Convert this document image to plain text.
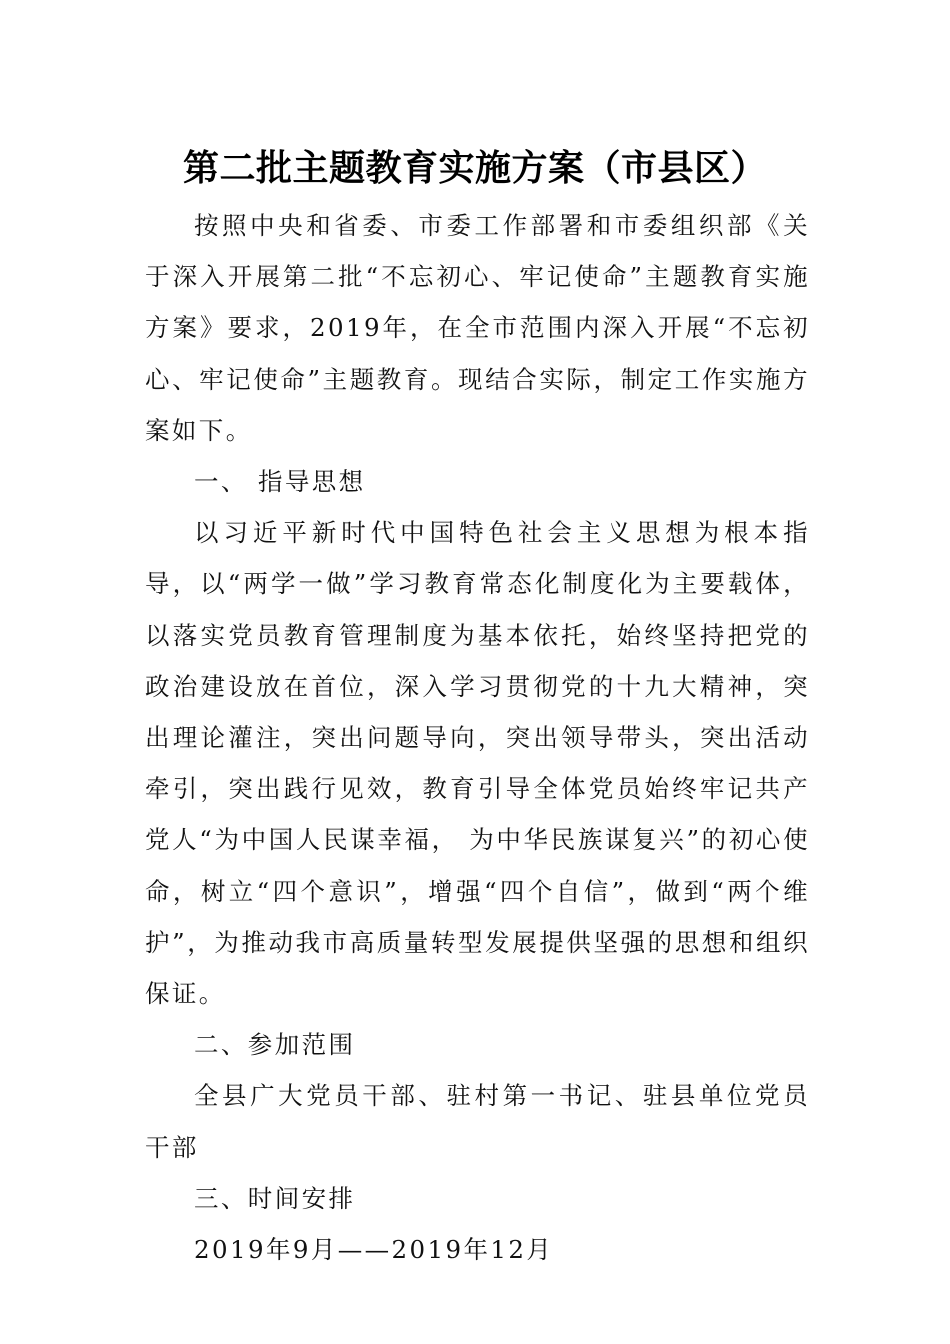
第二批主题教育实施方案（市县区）

按照中央和省委、市委工作部署和市委组织部《关于深入开展第二批“不忘初心、牢记使命”主题教育实施方案》要求，2019年，在全市范围内深入开展“不忘初心、牢记使命”主题教育。现结合实际，制定工作实施方案如下。

一、 指导思想

以习近平新时代中国特色社会主义思想为根本指导，以“两学一做”学习教育常态化制度化为主要载体，以落实党员教育管理制度为基本依托，始终坚持把党的政治建设放在首位，深入学习贯彻党的十九大精神，突出理论灌注，突出问题导向，突出领导带头，突出活动牵引，突出践行见效，教育引导全体党员始终牢记共产党人“为中国人民谋幸福， 为中华民族谋复兴”的初心使命，树立“四个意识”，增强“四个自信”，做到“两个维护”，为推动我市高质量转型发展提供坚强的思想和组织保证。

二、参加范围

全县广大党员干部、驻村第一书记、驻县单位党员干部

三、时间安排

2019年9月——2019年12月
